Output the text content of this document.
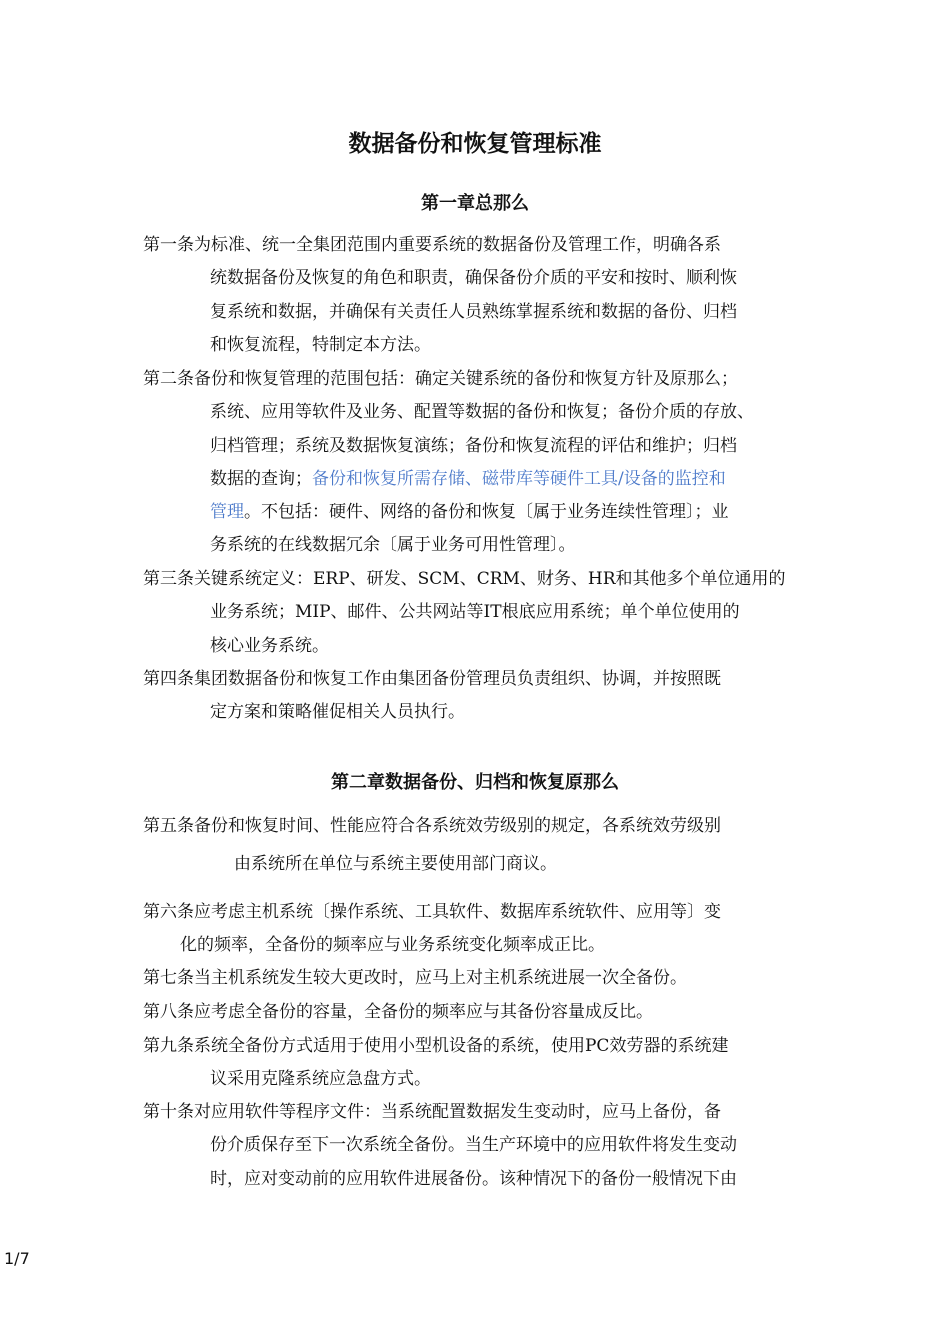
数据备份和恢复管理标准
第一章总那么

第一条为标准、统一全集团范围内重要系统的数据备份及管理工作，明确各系
统数据备份及恢复的角色和职责，确保备份介质的平安和按时、顺利恢
复系统和数据，并确保有关责任人员熟练掌握系统和数据的备份、归档
和恢复流程，特制定本方法。

第二条备份和恢复管理的范围包括：确定关键系统的备份和恢复方针及原那么；
系统、应用等软件及业务、配置等数据的备份和恢复；备份介质的存放、
归档管理；系统及数据恢复演练；备份和恢复流程的评估和维护；归档
数据的查询；备份和恢复所需存储、磁带库等硬件工具/设备的监控和
管理。不包括：硬件、网络的备份和恢复〔属于业务连续性管理〕；业
务系统的在线数据冗余〔属于业务可用性管理〕。

第三条关键系统定义：ERP、研发、SCM、CRM、财务、HR和其他多个单位通用的
业务系统；MIP、邮件、公共网站等IT根底应用系统；单个单位使用的
核心业务系统。

第四条集团数据备份和恢复工作由集团备份管理员负责组织、协调，并按照既
定方案和策略催促相关人员执行。

第二章数据备份、归档和恢复原那么

第五条备份和恢复时间、性能应符合各系统效劳级别的规定，各系统效劳级别
由系统所在单位与系统主要使用部门商议。

第六条应考虑主机系统〔操作系统、工具软件、数据库系统软件、应用等〕变
化的频率，全备份的频率应与业务系统变化频率成正比。

第七条当主机系统发生较大更改时，应马上对主机系统进展一次全备份。

第八条应考虑全备份的容量，全备份的频率应与其备份容量成反比。

第九条系统全备份方式适用于使用小型机设备的系统，使用PC效劳器的系统建
议采用克隆系统应急盘方式。

第十条对应用软件等程序文件：当系统配置数据发生变动时，应马上备份，备
份介质保存至下一次系统全备份。当生产环境中的应用软件将发生变动
时，应对变动前的应用软件进展备份。该种情况下的备份一般情况下由

1/7
